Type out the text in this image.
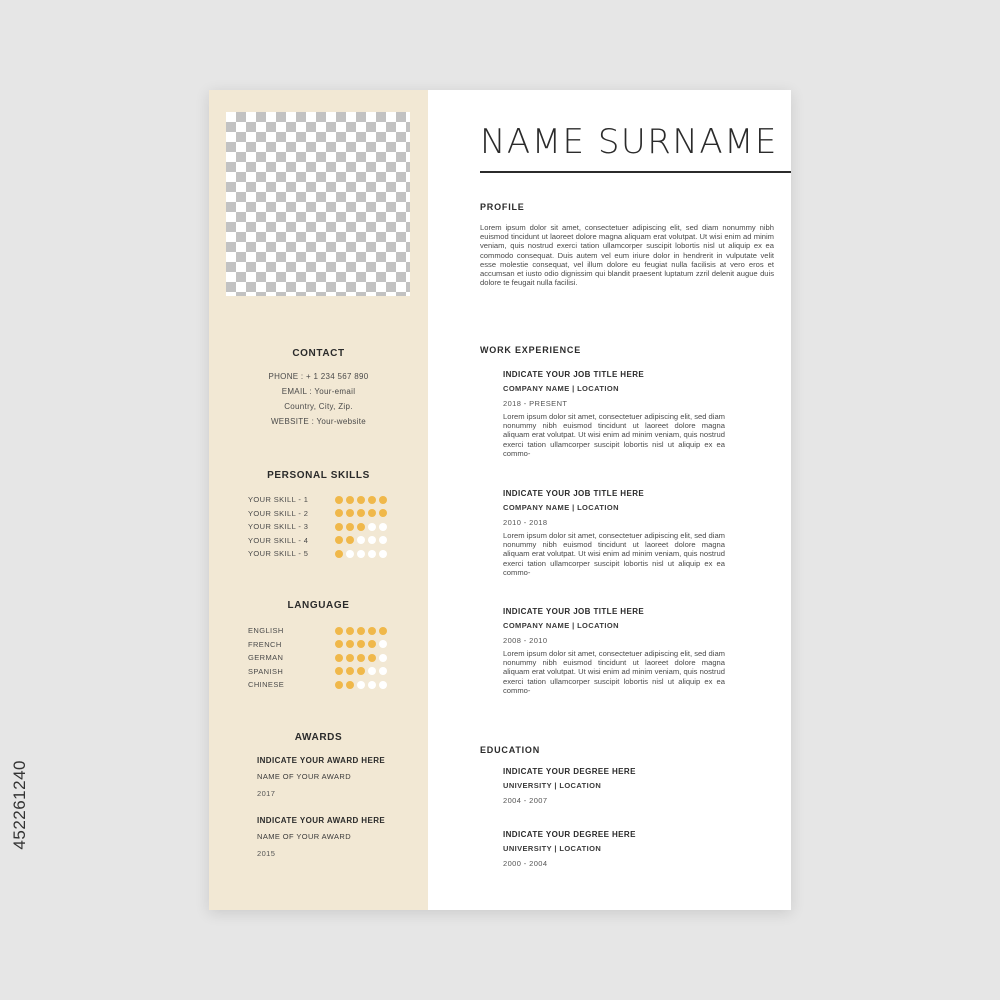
452261240
CONTACT
PHONE : + 1 234 567 890
EMAIL : Your-email
Country, City, Zip.
WEBSITE : Your-website
PERSONAL SKILLS
YOUR SKILL - 1
YOUR SKILL - 2
YOUR SKILL - 3
YOUR SKILL - 4
YOUR SKILL - 5
LANGUAGE
ENGLISH
FRENCH
GERMAN
SPANISH
CHINESE
AWARDS
INDICATE YOUR AWARD HERE
NAME OF YOUR AWARD
2017
INDICATE YOUR AWARD HERE
NAME OF YOUR AWARD
2015
NAME SURNAME
PROFILE
Lorem ipsum dolor sit amet, consectetuer adipiscing elit, sed diam nonummy nibh euismod tincidunt ut laoreet dolore magna aliquam erat volutpat. Ut wisi enim ad minim veniam, quis nostrud exerci tation ullamcorper suscipit lobortis nisl ut aliquip ex ea commodo consequat. Duis autem vel eum iriure dolor in hendrerit in vulputate velit esse molestie consequat, vel illum dolore eu feugiat nulla facilisis at vero eros et accumsan et iusto odio dignissim qui blandit praesent luptatum zzril delenit augue duis dolore te feugait nulla facilisi.
WORK EXPERIENCE
INDICATE YOUR JOB TITLE HERE
COMPANY NAME | LOCATION
2018 - PRESENT
Lorem ipsum dolor sit amet, consectetuer adipiscing elit, sed diam nonummy nibh euismod tincidunt ut laoreet dolore magna aliquam erat volutpat. Ut wisi enim ad minim veniam, quis nostrud exerci tation ullamcorper suscipit lobortis nisl ut aliquip ex ea commo-
INDICATE YOUR JOB TITLE HERE
COMPANY NAME | LOCATION
2010 - 2018
Lorem ipsum dolor sit amet, consectetuer adipiscing elit, sed diam nonummy nibh euismod tincidunt ut laoreet dolore magna aliquam erat volutpat. Ut wisi enim ad minim veniam, quis nostrud exerci tation ullamcorper suscipit lobortis nisl ut aliquip ex ea commo-
INDICATE YOUR JOB TITLE HERE
COMPANY NAME | LOCATION
2008 - 2010
Lorem ipsum dolor sit amet, consectetuer adipiscing elit, sed diam nonummy nibh euismod tincidunt ut laoreet dolore magna aliquam erat volutpat. Ut wisi enim ad minim veniam, quis nostrud exerci tation ullamcorper suscipit lobortis nisl ut aliquip ex ea commo-
EDUCATION
INDICATE YOUR DEGREE HERE
UNIVERSITY | LOCATION
2004 - 2007
INDICATE YOUR DEGREE HERE
UNIVERSITY | LOCATION
2000 - 2004
